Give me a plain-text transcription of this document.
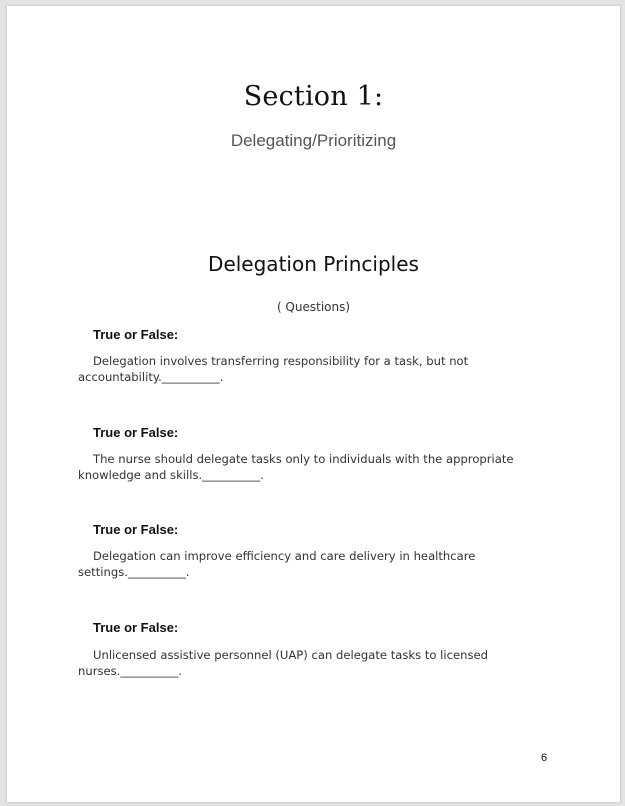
Section 1:
Delegating/Prioritizing
Delegation Principles
( Questions)
True or False:
Delegation involves transferring responsibility for a task, but not accountability.__________.
True or False:
The nurse should delegate tasks only to individuals with the appropriate knowledge and skills.__________.
True or False:
Delegation can improve efficiency and care delivery in healthcare settings.__________.
True or False:
Unlicensed assistive personnel (UAP) can delegate tasks to licensed nurses.__________.
6
